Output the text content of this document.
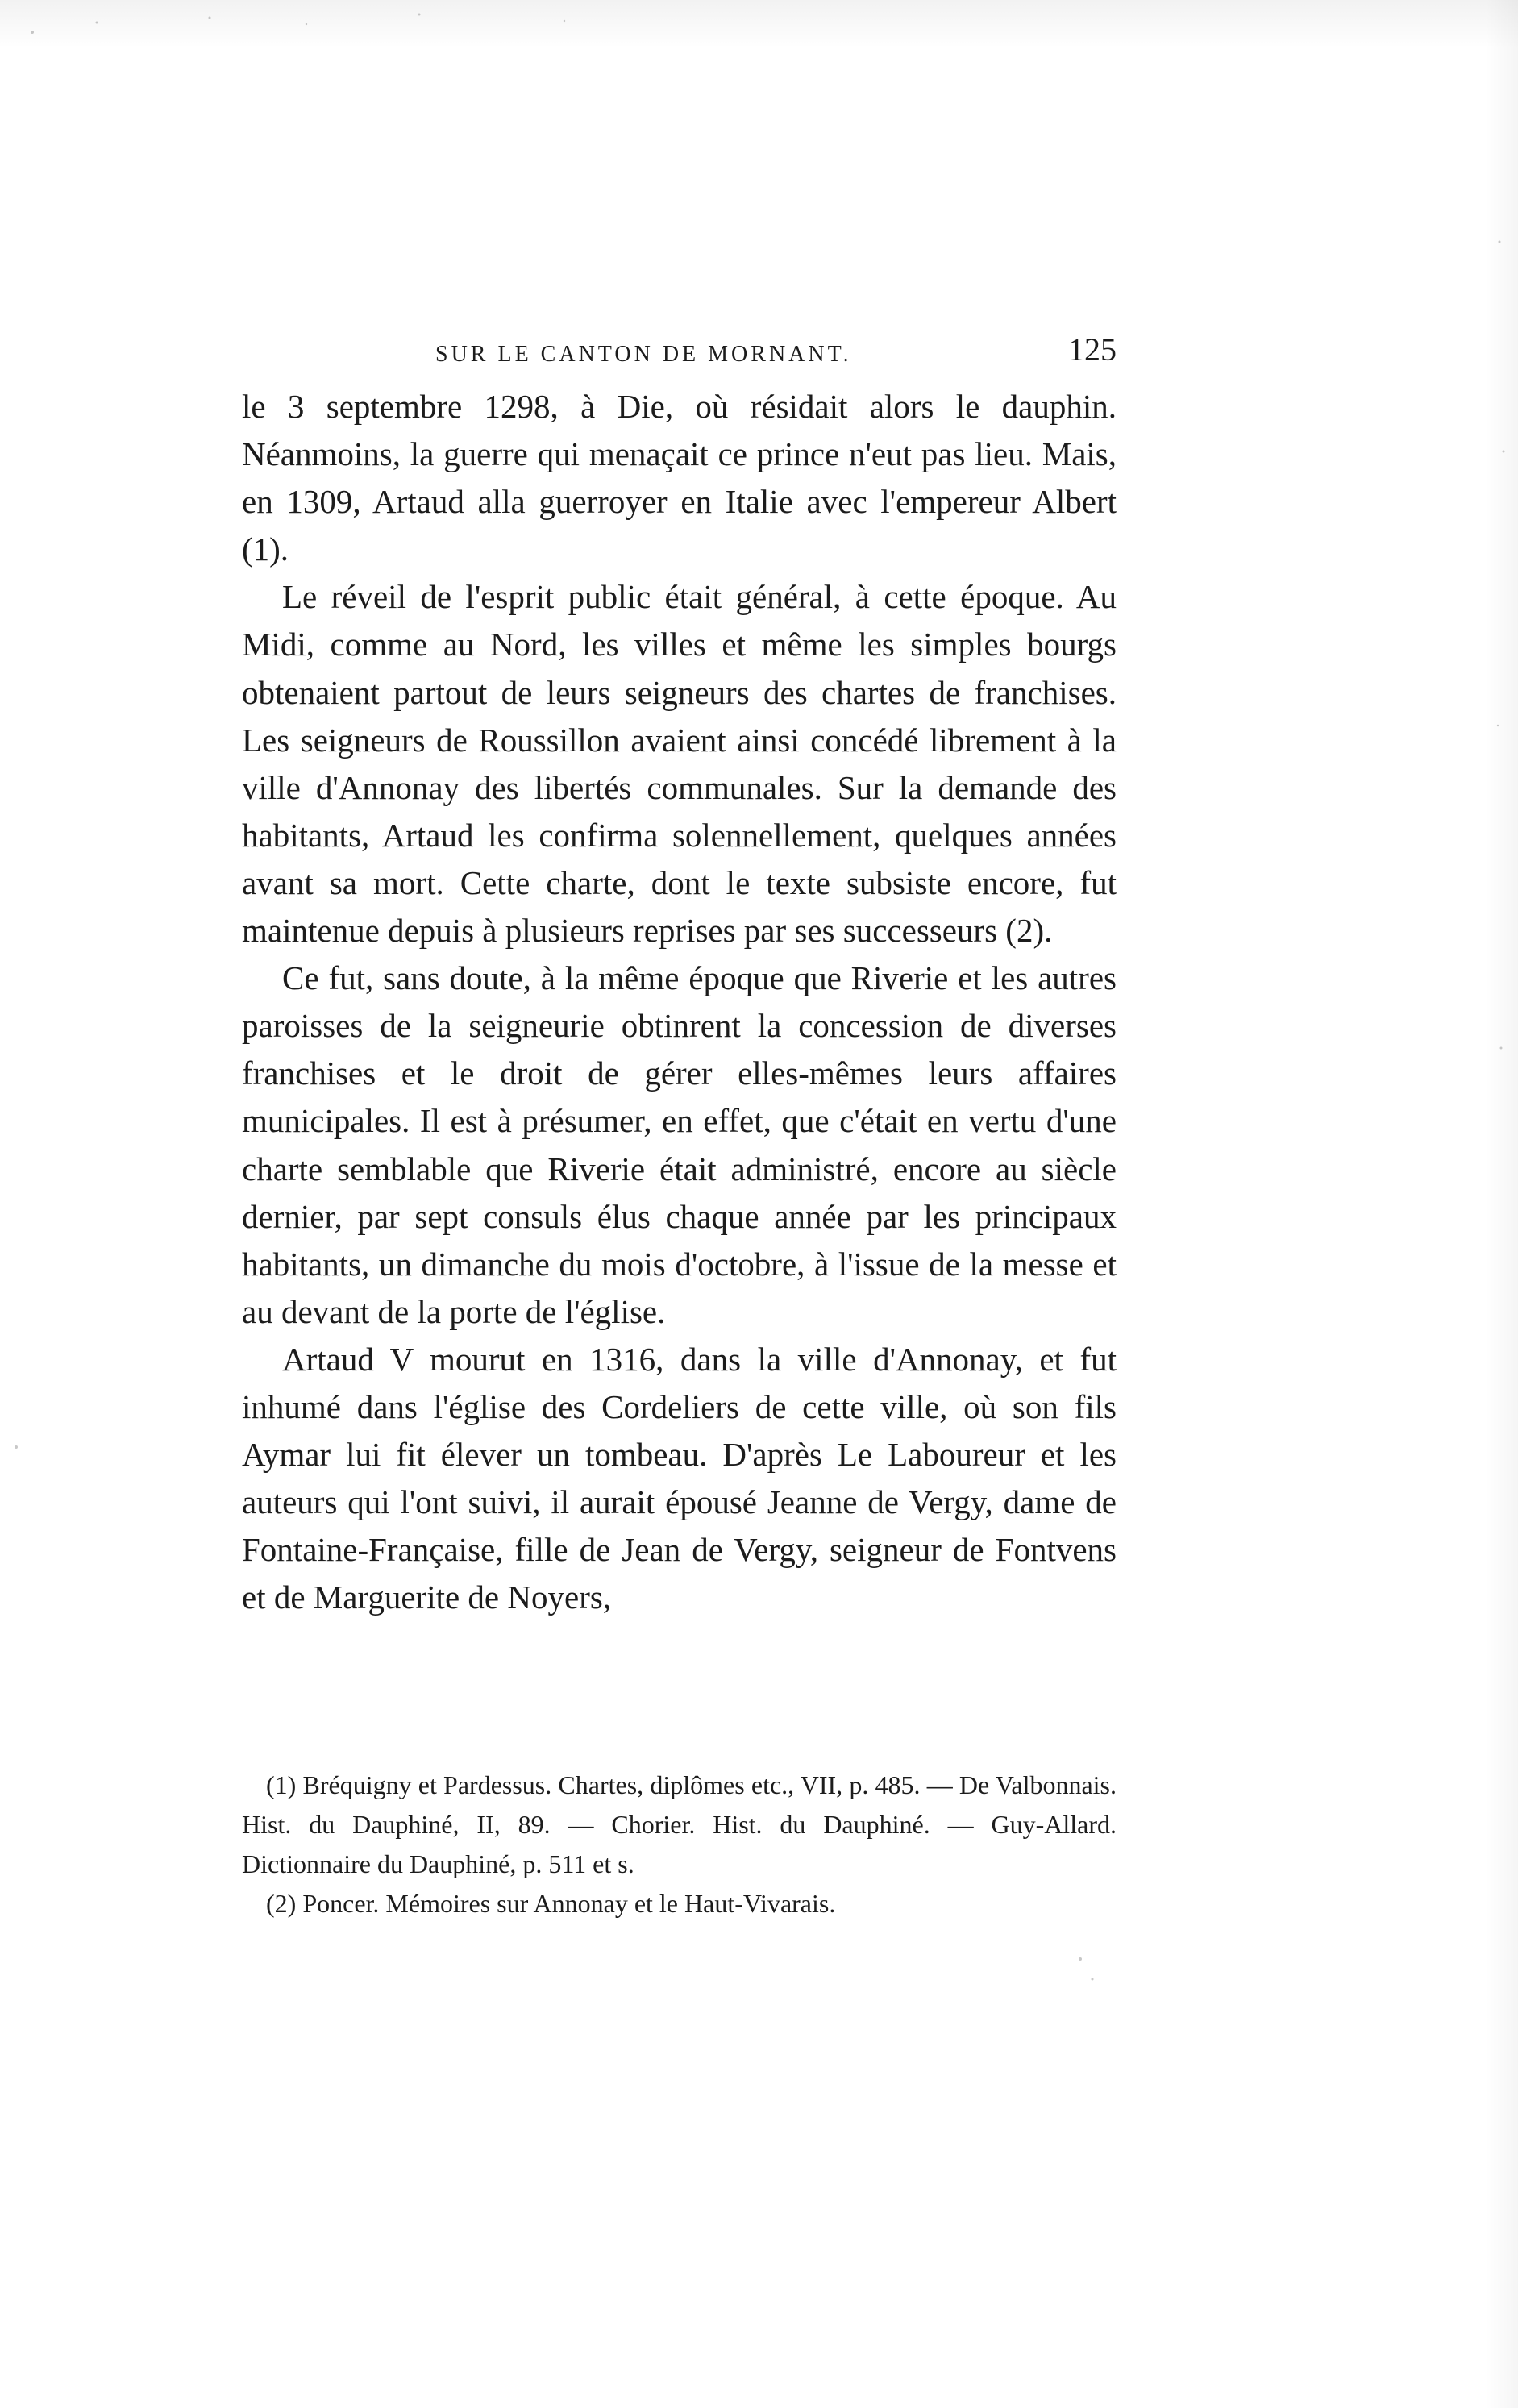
SUR LE CANTON DE MORNANT.	125

le 3 septembre 1298, à Die, où résidait alors le dauphin. Néanmoins, la guerre qui menaçait ce prince n'eut pas lieu. Mais, en 1309, Artaud alla guerroyer en Italie avec l'empereur Albert (1).

Le réveil de l'esprit public était général, à cette époque. Au Midi, comme au Nord, les villes et même les simples bourgs obtenaient partout de leurs seigneurs des chartes de franchises. Les seigneurs de Roussillon avaient ainsi concédé librement à la ville d'Annonay des libertés communales. Sur la demande des habitants, Artaud les confirma solennellement, quelques années avant sa mort. Cette charte, dont le texte subsiste encore, fut maintenue depuis à plusieurs reprises par ses successeurs (2).

Ce fut, sans doute, à la même époque que Riverie et les autres paroisses de la seigneurie obtinrent la concession de diverses franchises et le droit de gérer elles-mêmes leurs affaires municipales. Il est à présumer, en effet, que c'était en vertu d'une charte semblable que Riverie était administré, encore au siècle dernier, par sept consuls élus chaque année par les principaux habitants, un dimanche du mois d'octobre, à l'issue de la messe et au devant de la porte de l'église.

Artaud V mourut en 1316, dans la ville d'Annonay, et fut inhumé dans l'église des Cordeliers de cette ville, où son fils Aymar lui fit élever un tombeau. D'après Le Laboureur et les auteurs qui l'ont suivi, il aurait épousé Jeanne de Vergy, dame de Fontaine-Française, fille de Jean de Vergy, seigneur de Fontvens et de Marguerite de Noyers,

(1) Bréquigny et Pardessus. Chartes, diplômes etc., VII, p. 485. — De Valbonnais. Hist. du Dauphiné, II, 89. — Chorier. Hist. du Dauphiné. — Guy-Allard. Dictionnaire du Dauphiné, p. 511 et s.

(2) Poncer. Mémoires sur Annonay et le Haut-Vivarais.
